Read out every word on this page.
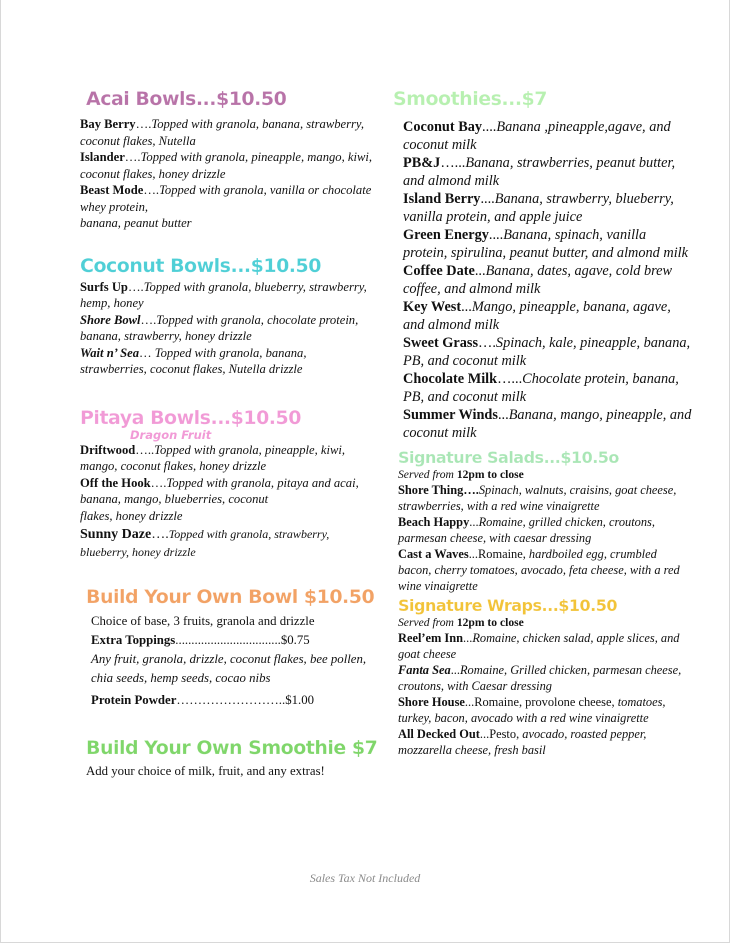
Acai Bowls...$10.50
Bay Berry….Topped with granola, banana, strawberry, coconut flakes, Nutella
Islander….Topped with granola, pineapple, mango, kiwi, coconut flakes, honey drizzle
Beast Mode….Topped with granola, vanilla or chocolate whey protein,
banana, peanut butter
Coconut Bowls...$10.50
Surfs Up….Topped with granola, blueberry, strawberry, hemp, honey
Shore Bowl….Topped with granola, chocolate protein, banana, strawberry, honey drizzle
Wait n’ Sea… Topped with granola, banana, strawberries, coconut flakes, Nutella drizzle
Pitaya Bowls...$10.50
Dragon Fruit
Driftwood…..Topped with granola, pineapple, kiwi, mango, coconut flakes, honey drizzle
Off the Hook….Topped with granola, pitaya and acai, banana, mango, blueberries, coconut
flakes, honey drizzle
Sunny Daze….Topped with granola, strawberry, blueberry, honey drizzle
Build Your Own Bowl $10.50
Choice of base, 3 fruits, granola and drizzle
Extra Toppings.................................$0.75
Any fruit, granola, drizzle, coconut flakes, bee pollen, chia seeds, hemp seeds, cocao nibs
Protein Powder……………………..$1.00
Build Your Own Smoothie $7
Add your choice of milk, fruit, and any extras!
Smoothies...$7
Coconut Bay....Banana ,pineapple,agave, and coconut milk
PB&J…...Banana, strawberries, peanut butter, and almond milk
Island Berry....Banana, strawberry, blueberry, vanilla protein, and apple juice
Green Energy....Banana, spinach, vanilla protein, spirulina, peanut butter, and almond milk
Coffee Date...Banana, dates, agave, cold brew coffee, and almond milk
Key West...Mango, pineapple, banana, agave, and almond milk
Sweet Grass….Spinach, kale, pineapple, banana, PB, and coconut milk
Chocolate Milk…...Chocolate protein, banana, PB, and coconut milk
Summer Winds...Banana, mango, pineapple, and coconut milk
Signature Salads...$10.5o
Served from 12pm to close
Shore Thing….Spinach, walnuts, craisins, goat cheese, strawberries, with a red wine vinaigrette
Beach Happy...Romaine, grilled chicken, croutons, parmesan cheese, with caesar dressing
Cast a Waves...Romaine, hardboiled egg, crumbled bacon, cherry tomatoes, avocado, feta cheese, with a red wine vinaigrette
Signature Wraps...$10.50
Served from 12pm to close
Reel’em Inn...Romaine, chicken salad, apple slices, and goat cheese
Fanta Sea...Romaine, Grilled chicken, parmesan cheese, croutons, with Caesar dressing
Shore House...Romaine, provolone cheese, tomatoes, turkey, bacon, avocado with a red wine vinaigrette
All Decked Out...Pesto, avocado, roasted pepper, mozzarella cheese, fresh basil
Sales Tax Not Included
